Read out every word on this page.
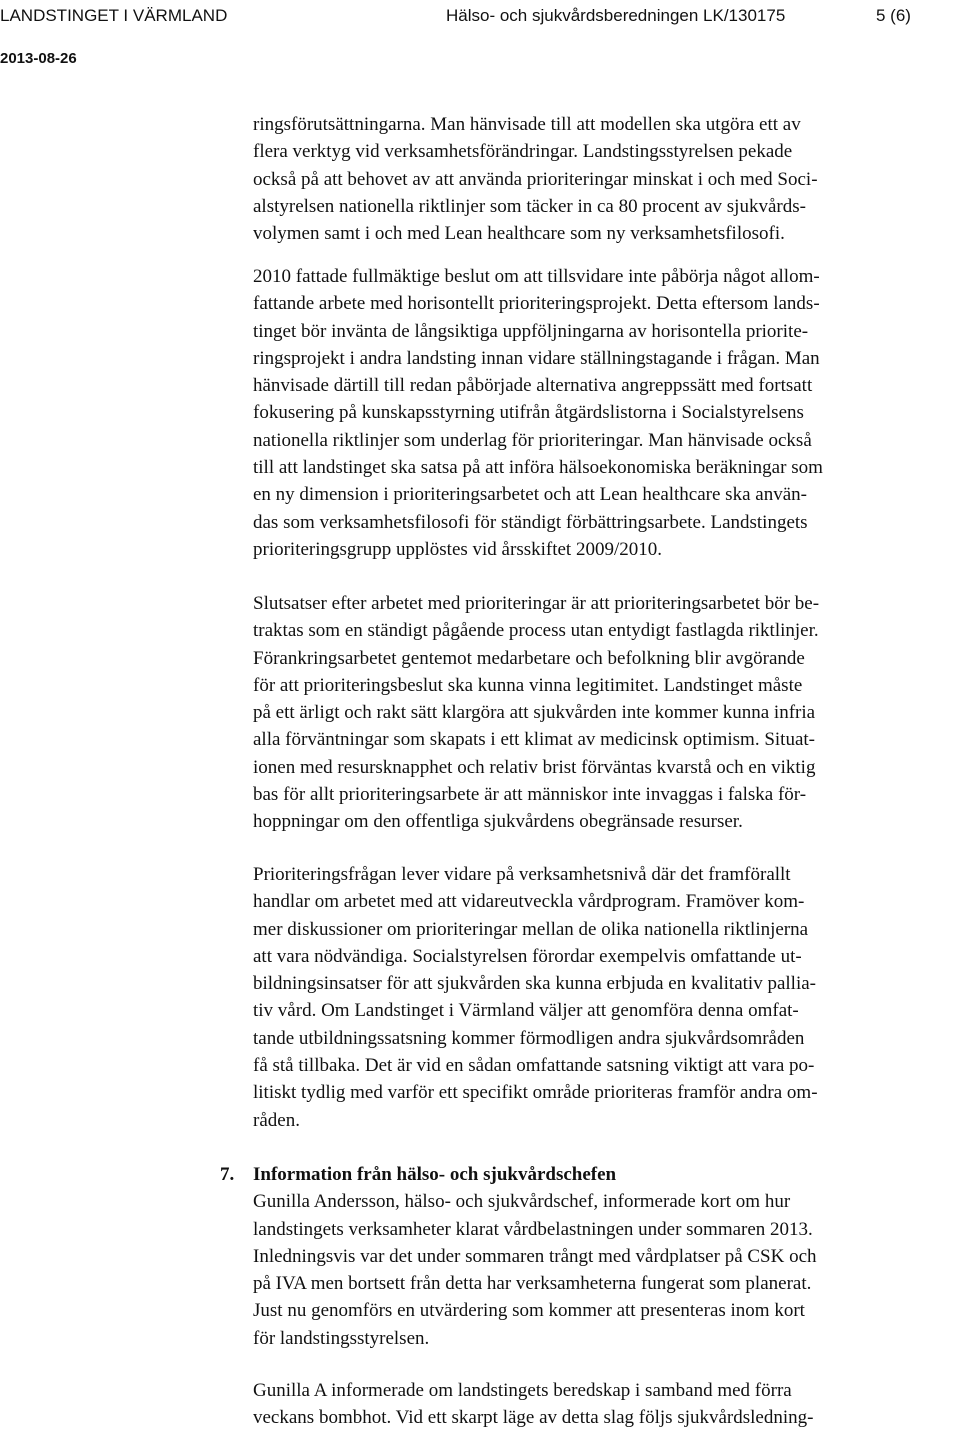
LANDSTINGET I VÄRMLAND	Hälso- och sjukvårdsberedningen LK/130175	5 (6)
2013-08-26
ringsförutsättningarna. Man hänvisade till att modellen ska utgöra ett av
flera verktyg vid verksamhetsförändringar. Landstingsstyrelsen pekade
också på att behovet av att använda prioriteringar minskat i och med Soci-
alstyrelsen nationella riktlinjer som täcker in ca 80 procent av sjukvårds-
volymen samt i och med Lean healthcare som ny verksamhetsfilosofi.
2010 fattade fullmäktige beslut om att tillsvidare inte påbörja något allom-
fattande arbete med horisontellt prioriteringsprojekt. Detta eftersom lands-
tinget bör invänta de långsiktiga uppföljningarna av horisontella priorite-
ringsprojekt i andra landsting innan vidare ställningstagande i frågan. Man
hänvisade därtill till redan påbörjade alternativa angreppssätt med fortsatt
fokusering på kunskapsstyrning utifrån åtgärdslistorna i Socialstyrelsens
nationella riktlinjer som underlag för prioriteringar. Man hänvisade också
till att landstinget ska satsa på att införa hälsoekonomiska beräkningar som
en ny dimension i prioriteringsarbetet och att Lean healthcare ska använ-
das som verksamhetsfilosofi för ständigt förbättringsarbete. Landstingets
prioriteringsgrupp upplöstes vid årsskiftet 2009/2010.
Slutsatser efter arbetet med prioriteringar är att prioriteringsarbetet bör be-
traktas som en ständigt pågående process utan entydigt fastlagda riktlinjer.
Förankringsarbetet gentemot medarbetare och befolkning blir avgörande
för att prioriteringsbeslut ska kunna vinna legitimitet. Landstinget måste
på ett ärligt och rakt sätt klargöra att sjukvården inte kommer kunna infria
alla förväntningar som skapats i ett klimat av medicinsk optimism. Situat-
ionen med resursknapphet och relativ brist förväntas kvarstå och en viktig
bas för allt prioriteringsarbete är att människor inte invaggas i falska för-
hoppningar om den offentliga sjukvårdens obegränsade resurser.
Prioriteringsfrågan lever vidare på verksamhetsnivå där det framförallt
handlar om arbetet med att vidareutveckla vårdprogram. Framöver kom-
mer diskussioner om prioriteringar mellan de olika nationella riktlinjerna
att vara nödvändiga. Socialstyrelsen förordar exempelvis omfattande ut-
bildningsinsatser för att sjukvården ska kunna erbjuda en kvalitativ pallia-
tiv vård. Om Landstinget i Värmland väljer att genomföra denna omfat-
tande utbildningssatsning kommer förmodligen andra sjukvårdsområden
få stå tillbaka. Det är vid en sådan omfattande satsning viktigt att vara po-
litiskt tydlig med varför ett specifikt område prioriteras framför andra om-
råden.
7. Information från hälso- och sjukvårdschefen
Gunilla Andersson, hälso- och sjukvårdschef, informerade kort om hur
landstingets verksamheter klarat vårdbelastningen under sommaren 2013.
Inledningsvis var det under sommaren trångt med vårdplatser på CSK och
på IVA men bortsett från detta har verksamheterna fungerat som planerat.
Just nu genomförs en utvärdering som kommer att presenteras inom kort
för landstingsstyrelsen.
Gunilla A informerade om landstingets beredskap i samband med förra
veckans bombhot. Vid ett skarpt läge av detta slag följs sjukvårdsledning-
